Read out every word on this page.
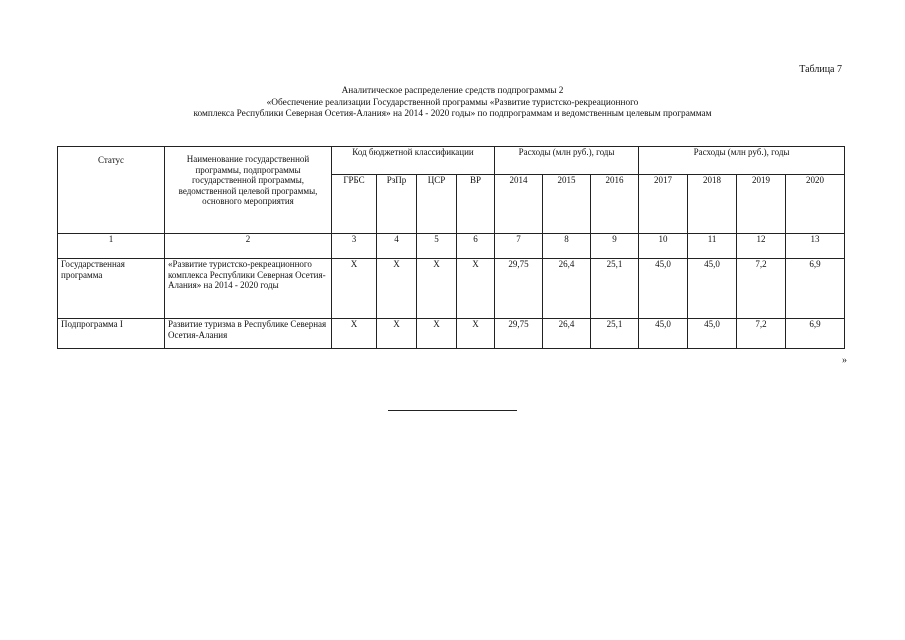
Таблица 7
Аналитическое распределение средств подпрограммы 2
«Обеспечение реализации Государственной программы «Развитие туристско-рекреационного
комплекса Республики Северная Осетия-Алания» на 2014 - 2020 годы» по подпрограммам и ведомственным целевым программам
Статус	Наименование государственной программы, подпрограммы государственной программы, ведомственной целевой программы, основного мероприятия	Код бюджетной классификации				Расходы (млн руб.), годы			Расходы (млн руб.), годы			
		ГРБС	РзПр	ЦСР	ВР	2014	2015	2016	2017	2018	2019	2020
1	2	3	4	5	6	7	8	9	10	11	12	13
Государственная программа	«Развитие туристско-рекреационного комплекса Республики Северная Осетия-Алания» на 2014 - 2020 годы	X	X	X	X	29,75	26,4	25,1	45,0	45,0	7,2	6,9
Подпрограмма I	Развитие туризма в Республике Северная Осетия-Алания	X	X	X	X	29,75	26,4	25,1	45,0	45,0	7,2	6,9
»
